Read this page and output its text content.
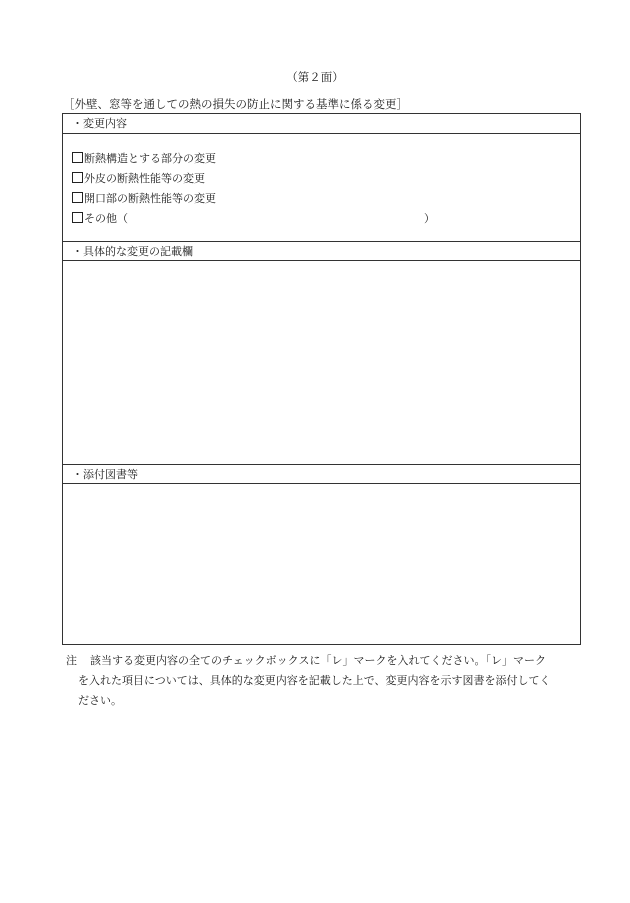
（第２面）
［外壁、窓等を通しての熱の損失の防止に関する基準に係る変更］
・変更内容
断熱構造とする部分の変更
外皮の断熱性能等の変更
開口部の断熱性能等の変更
その他（	）
・具体的な変更の記載欄
・添付図書等
注 該当する変更内容の全てのチェックボックスに「レ」マークを入れてください。「レ」マーク
を入れた項目については、具体的な変更内容を記載した上で、変更内容を示す図書を添付してく
ださい。
